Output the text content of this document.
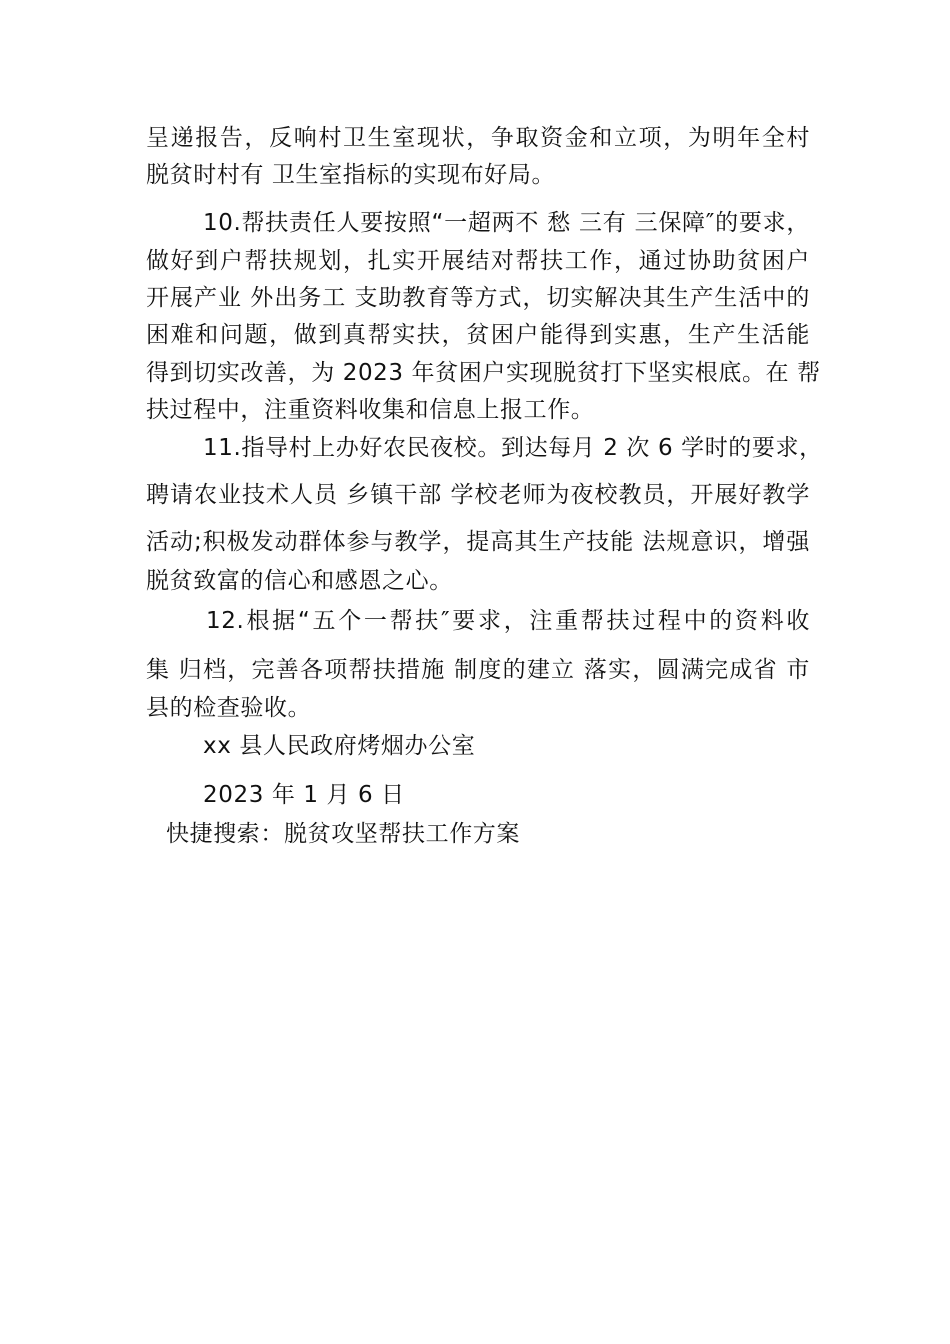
呈递报告，反响村卫生室现状，争取资金和立项，为明年全村
脱贫时村有 卫生室指标的实现布好局。
10.帮扶责任人要按照“一超两不 愁 三有 三保障″的要求，
做好到户帮扶规划，扎实开展结对帮扶工作，通过协助贫困户
开展产业 外出务工 支助教育等方式，切实解决其生产生活中的
困难和问题，做到真帮实扶，贫困户能得到实惠，生产生活能
得到切实改善，为 2023 年贫困户实现脱贫打下坚实根底。在 帮
扶过程中，注重资料收集和信息上报工作。
11.指导村上办好农民夜校。到达每月 2 次 6 学时的要求，
聘请农业技术人员 乡镇干部 学校老师为夜校教员，开展好教学
活动;积极发动群体参与教学，提高其生产技能 法规意识，增强
脱贫致富的信心和感恩之心。
12.根据“五个一帮扶″要求，注重帮扶过程中的资料收
集 归档，完善各项帮扶措施 制度的建立 落实，圆满完成省 市
县的检查验收。
xx 县人民政府烤烟办公室
2023 年 1 月 6 日
快捷搜索：脱贫攻坚帮扶工作方案
